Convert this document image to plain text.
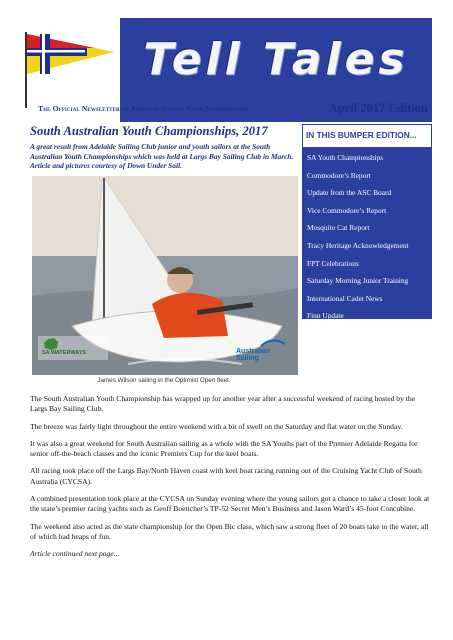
Tell Tales
The Official Newsletter of Adelaide Sailing Club Incorporated	April 2017 Edition
South Australian Youth Championships, 2017
A great result from Adelaide Sailing Club junior and youth sailors at the South Australian Youth Championships which was held at Largs Bay Sailing Club in March. Article and pictures courtesy of Down Under Sail.
SA WATERWAYS	Australian Sailing
James Wilson sailing in the Optimist Open fleet.
IN THIS BUMPER EDITION...
SA Youth Championships
Commodore’s Report
Update from the ASC Board
Vice Commodore’s Report
Mosquito Cat Report
Tracy Heritage Acknowledgement
FPT Celebrations
Saturday Morning Junior Training
International Cadet News
Finn Update
and lots more...

The South Australian Youth Championship has wrapped up for another year after a successful weekend of racing hosted by the Largs Bay Sailing Club.

The breeze was fairly light throughout the entire weekend with a bit of swell on the Saturday and flat water on the Sunday.

It was also a great weekend for South Australian sailing as a whole with the SA Youths part of the Premier Adelaide Regatta for senior off-the-beach classes and the iconic Premiers Cup for the keel boats.

All racing took place off the Largs Bay/North Haven coast with keel boat racing running out of the Cruising Yacht Club of South Australia (CYCSA).

A combined presentation took place at the CYCSA on Sunday evening where the young sailors got a chance to take a closer look at the state’s premier racing yachts such as Geoff Boettcher’s TP-52 Secret Men’s Business and Jason Ward’s 45-foot Concubine.

The weekend also acted as the state championship for the Open Bic class, which saw a strong fleet of 20 boats take to the water, all of which had heaps of fun.

Article continued next page...
